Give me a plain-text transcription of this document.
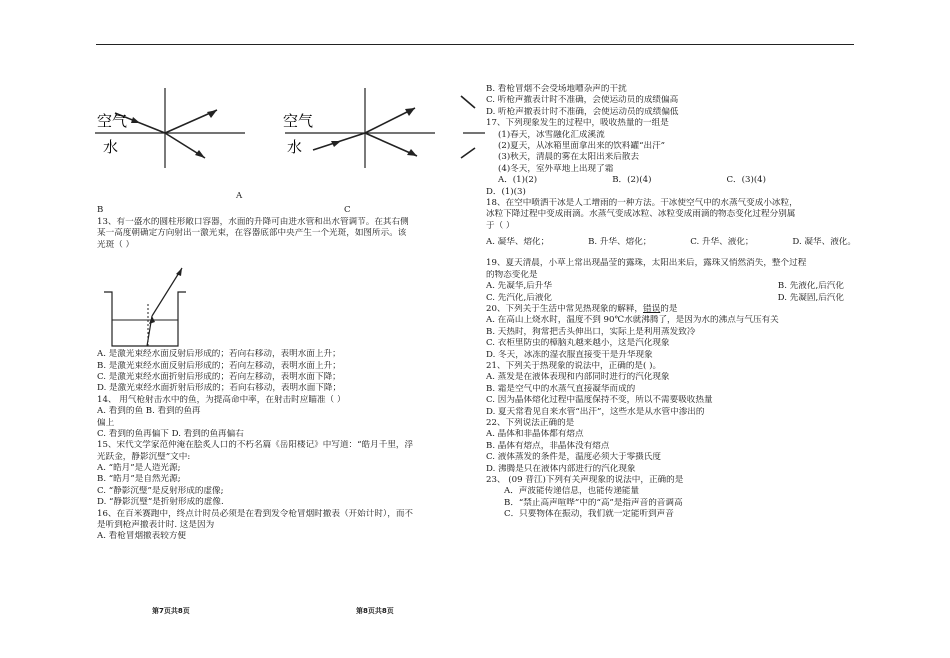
空气
水
空气
水
A
B	C
13、有一盛水的圆柱形敞口容器，水面的升降可由进水管和出水管调节。在其右侧
某一高度朝确定方向射出一激光束，在容器底部中央产生一个光斑，如图所示。该
光斑（ ）
A. 是激光束经水面反射后形成的；若向右移动，表明水面上升；
B. 是激光束经水面反射后形成的；若向左移动，表明水面上升；
C. 是激光束经水面折射后形成的；若向左移动，表明水面下降；
D. 是激光束经水面折射后形成的；若向右移动，表明水面下降；
14、 用气枪射击水中的鱼，为提高命中率，在射击时应瞄准（ ）
A. 看到的鱼 B. 看到的鱼再
偏上
C. 看到的鱼再偏下 D. 看到的鱼再偏右
15、宋代文学家范仲淹在脍炙人口的不朽名篇《岳阳楼记》中写道：“皓月千里，浮
光跃金，静影沉璧”文中:
A. “皓月”是人造光源;
B. “皓月”是自然光源;
C. “静影沉璧”是反射形成的虚像;
D. “静影沉璧”是折射形成的虚像.
16、在百米赛跑中，终点计时员必须是在看到发令枪冒烟时撤表（开始计时），而不
是听到枪声撤表计时. 这是因为
A. 看枪冒烟撤表较方便
B. 看枪冒烟不会受场地嘈杂声的干扰
C. 听枪声撤表计时不准确，会使运动员的成绩偏高
D. 听枪声撤表计时不准确，会使运动员的成绩偏低
17、下列现象发生的过程中，吸收热量的一组是
(1)春天，冰雪融化汇成溪流
(2)夏天，从冰箱里面拿出来的饮料罐“出汗”
(3)秋天，清晨的雾在太阳出来后散去
(4)冬天，室外草地上出现了霜
A．(1)(2)	B．(2)(4)	C．(3)(4)
D．(1)(3)
18、在空中喷洒干冰是人工增雨的一种方法。干冰使空气中的水蒸气变成小冰粒，
冰粒下降过程中变成雨滴。水蒸气变成冰粒、冰粒变成雨滴的物态变化过程分别属
于（ ）
A. 凝华、熔化；	B. 升华、熔化；	C. 升华、液化；	D. 凝华、液化。
19、夏天清晨，小草上常出现晶莹的露珠，太阳出来后，露珠又悄然消失，整个过程
的物态变化是
A. 先凝华,后升华	B. 先液化,后汽化
C. 先汽化,后液化	D. 先凝固,后汽化
20、下列关于生活中常见热现象的解释，错误的是
A. 在高山上烧水时，温度不到 90℃水就沸腾了，是因为水的沸点与气压有关
B. 天热时，狗常把舌头伸出口，实际上是利用蒸发致冷
C. 衣柜里防虫的樟脑丸越来越小，这是汽化现象
D. 冬天，冰冻的湿衣服直接变干是升华现象
21、下列关于热现象的说法中，正确的是( )。
A. 蒸发是在液体表现和内部同时进行的汽化现象
B. 霜是空气中的水蒸气直接凝华而成的
C. 因为晶体熔化过程中温度保持不变，所以不需要吸收热量
D. 夏天常看见自来水管“出汗”，这些水是从水管中渗出的
22、下列说法正确的是
A. 晶体和非晶体都有熔点
B. 晶体有熔点，非晶体没有熔点
C. 液体蒸发的条件是，温度必须大于零摄氏度
D. 沸腾是只在液体内部进行的汽化现象
23、 (09 晋江)下列有关声现象的说法中，正确的是
A．声波能传递信息，也能传递能量
B．“禁止高声喧哗”中的“高”是指声音的音调高
C．只要物体在振动，我们就一定能听到声音
第7页共8页	第8页共8页
